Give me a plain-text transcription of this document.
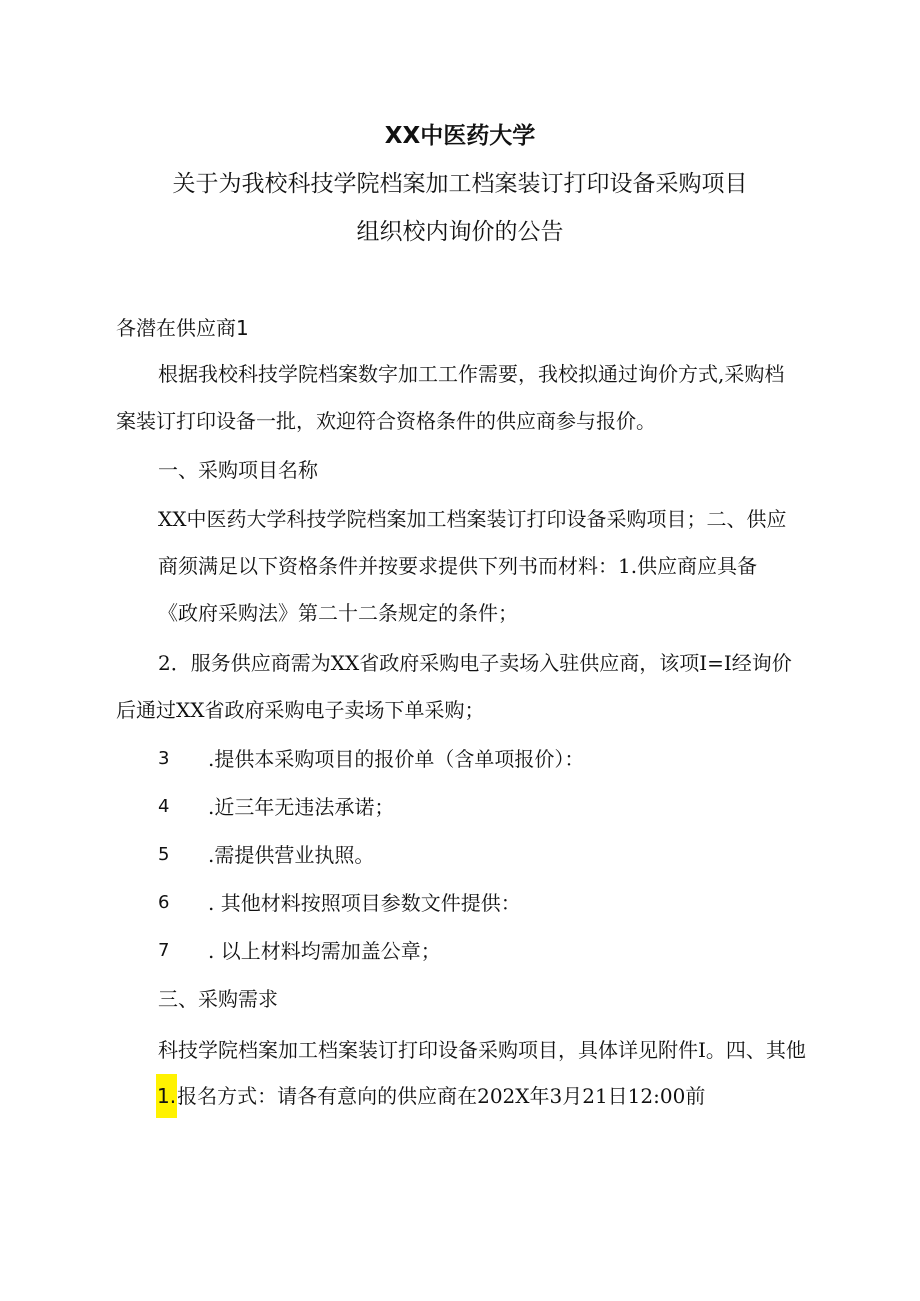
XX中医药大学
关于为我校科技学院档案加工档案装订打印设备采购项目
组织校内询价的公告
各潜在供应商1
根据我校科技学院档案数字加工工作需要，我校拟通过询价方式,采购档
案装订打印设备一批，欢迎符合资格条件的供应商参与报价。
一、采购项目名称
XX中医药大学科技学院档案加工档案装订打印设备采购项目；二、供应
商须满足以下资格条件并按要求提供下列书而材料：1.供应商应具备
《政府采购法》第二十二条规定的条件；
2．服务供应商需为XX省政府采购电子卖场入驻供应商，该项I=I经询价
后通过XX省政府采购电子卖场下单采购；
3 .提供本采购项目的报价单（含单项报价）：
4 .近三年无违法承诺；
5 .需提供营业执照。
6 . 其他材料按照项目参数文件提供：
7 . 以上材料均需加盖公章；
三、采购需求
科技学院档案加工档案装订打印设备采购项目，具体详见附件I。四、其他
1.报名方式：请各有意向的供应商在202X年3月21日12:00前
